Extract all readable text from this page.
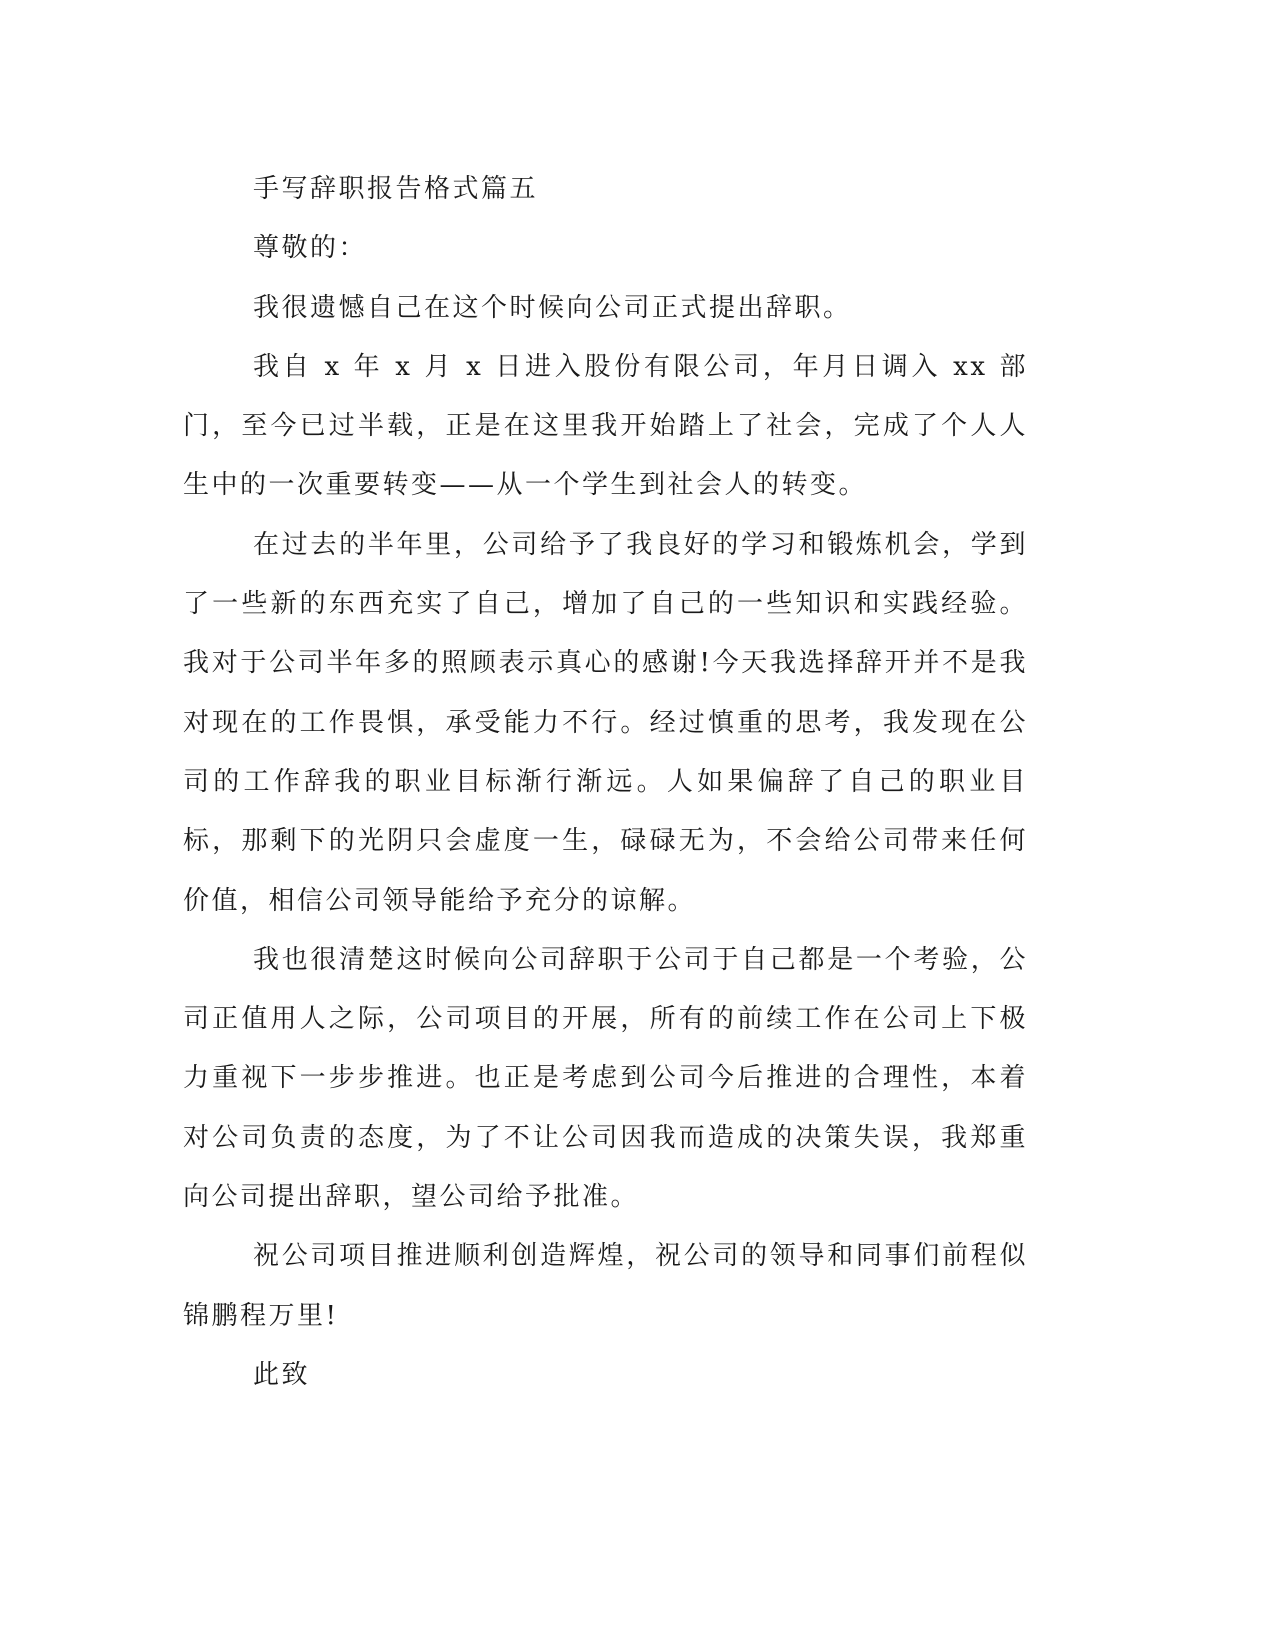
手写辞职报告格式篇五

尊敬的：

我很遗憾自己在这个时候向公司正式提出辞职。

我自 x 年 x 月 x 日进入股份有限公司，年月日调入 xx 部门，至今已过半载，正是在这里我开始踏上了社会，完成了个人人生中的一次重要转变——从一个学生到社会人的转变。

在过去的半年里，公司给予了我良好的学习和锻炼机会，学到了一些新的东西充实了自己，增加了自己的一些知识和实践经验。我对于公司半年多的照顾表示真心的感谢!今天我选择辞开并不是我对现在的工作畏惧，承受能力不行。经过慎重的思考，我发现在公司的工作辞我的职业目标渐行渐远。人如果偏辞了自己的职业目标，那剩下的光阴只会虚度一生，碌碌无为，不会给公司带来任何价值，相信公司领导能给予充分的谅解。

我也很清楚这时候向公司辞职于公司于自己都是一个考验，公司正值用人之际，公司项目的开展，所有的前续工作在公司上下极力重视下一步步推进。也正是考虑到公司今后推进的合理性，本着对公司负责的态度，为了不让公司因我而造成的决策失误，我郑重向公司提出辞职，望公司给予批准。

祝公司项目推进顺利创造辉煌，祝公司的领导和同事们前程似锦鹏程万里!

此致
